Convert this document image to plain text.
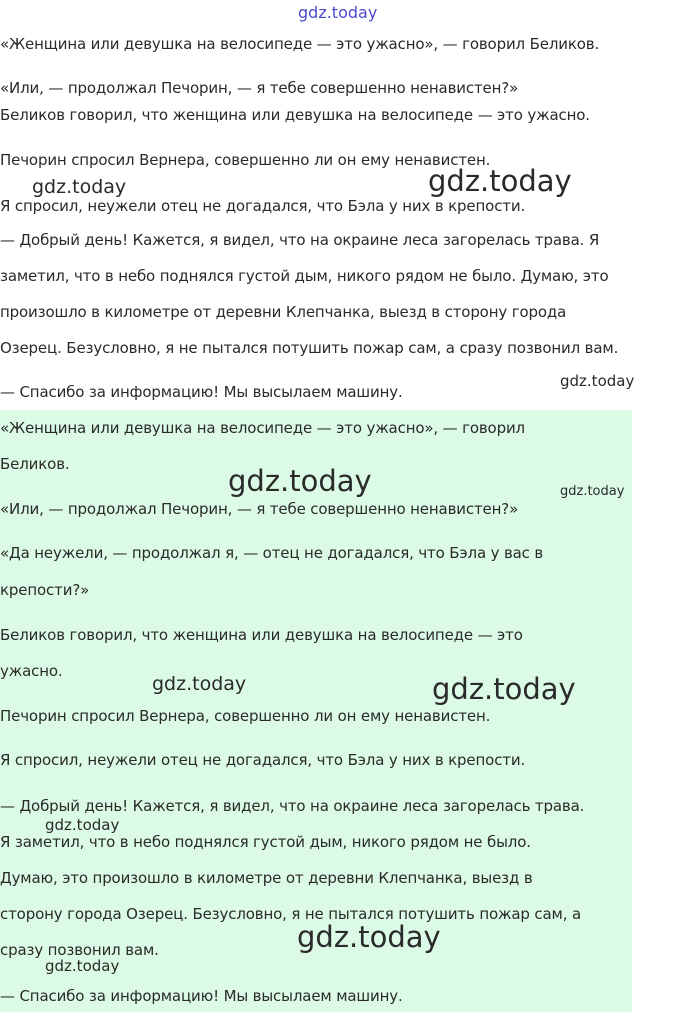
gdz.today
«Женщина или девушка на велосипеде — это ужасно», — говорил Беликов.
«Или, — продолжал Печорин, — я тебе совершенно ненавистен?»
Беликов говорил, что женщина или девушка на велосипеде — это ужасно.
Печорин спросил Вернера, совершенно ли он ему ненавистен.
Я спросил, неужели отец не догадался, что Бэла у них в крепости.
— Добрый день! Кажется, я видел, что на окраине леса загорелась трава. Я
заметил, что в небо поднялся густой дым, никого рядом не было. Думаю, это
произошло в километре от деревни Клепчанка, выезд в сторону города
Озерец. Безусловно, я не пытался потушить пожар сам, а сразу позвонил вам.
— Спасибо за информацию! Мы высылаем машину.
«Женщина или девушка на велосипеде — это ужасно», — говорил
Беликов.
«Или, — продолжал Печорин, — я тебе совершенно ненавистен?»
«Да неужели, — продолжал я, — отец не догадался, что Бэла у вас в
крепости?»
Беликов говорил, что женщина или девушка на велосипеде — это
ужасно.
Печорин спросил Вернера, совершенно ли он ему ненавистен.
Я спросил, неужели отец не догадался, что Бэла у них в крепости.
— Добрый день! Кажется, я видел, что на окраине леса загорелась трава.
Я заметил, что в небо поднялся густой дым, никого рядом не было.
Думаю, это произошло в километре от деревни Клепчанка, выезд в
сторону города Озерец. Безусловно, я не пытался потушить пожар сам, а
сразу позвонил вам.
— Спасибо за информацию! Мы высылаем машину.
gdz.today	gdz.today
gdz.today
gdz.today	gdz.today
gdz.today	gdz.today
gdz.today
gdz.today
gdz.today
